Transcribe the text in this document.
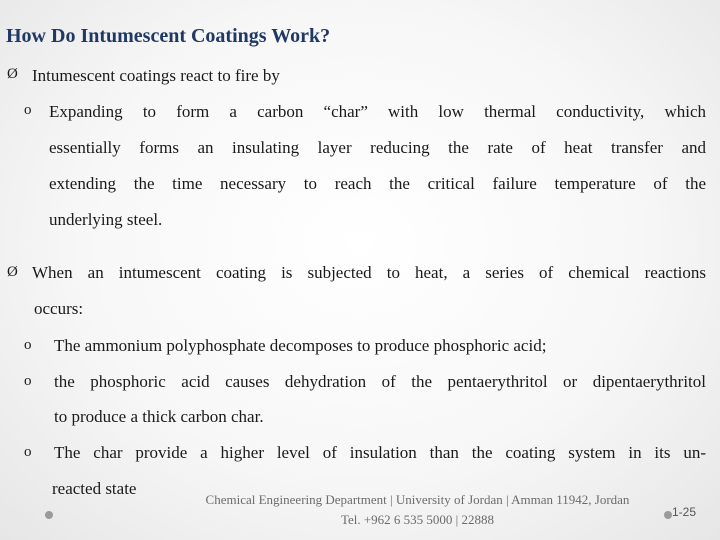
How Do Intumescent Coatings Work?
Ø Intumescent coatings react to fire by
o Expanding to form a carbon “char” with low thermal conductivity, which
essentially forms an insulating layer reducing the rate of heat transfer and
extending the time necessary to reach the critical failure temperature of the
underlying steel.
Ø When an intumescent coating is subjected to heat, a series of chemical reactions
occurs:
o The ammonium polyphosphate decomposes to produce phosphoric acid;
o the phosphoric acid causes dehydration of the pentaerythritol or dipentaerythritol
to produce a thick carbon char.
o The char provide a higher level of insulation than the coating system in its un-
reacted state
Chemical Engineering Department | University of Jordan | Amman 11942, Jordan
Tel. +962 6 535 5000 | 22888	1-25
